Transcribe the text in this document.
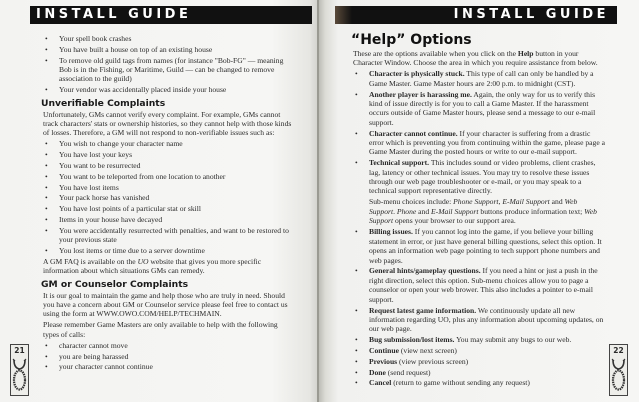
INSTALL GUIDE
• Your spell book crashes
• You have built a house on top of an existing house
• To remove old guild tags from names (for instance "Bob-FG" — meaning Bob is in the Fishing, or Maritime, Guild — can be changed to remove association to the guild)
• Your vendor was accidentally placed inside your house
Unverifiable Complaints

Unfortunately, GMs cannot verify every complaint. For example, GMs cannot track characters' stats or ownership histories, so they cannot help with those kinds of losses. Therefore, a GM will not respond to non-verifiable issues such as:

• You wish to change your character name
• You have lost your keys
• You want to be resurrected
• You want to be teleported from one location to another
• You have lost items
• Your pack horse has vanished
• You have lost points of a particular stat or skill
• Items in your house have decayed
• You were accidentally resurrected with penalties, and want to be restored to your previous state
• You lost items or time due to a server downtime

A GM FAQ is available on the UO website that gives you more specific information about which situations GMs can remedy.

GM or Counselor Complaints

It is our goal to maintain the game and help those who are truly in need. Should you have a concern about GM or Counselor service please feel free to contact us using the form at WWW.OWO.COM/HELP/TECHMAIN.

Please remember Game Masters are only available to help with the following types of calls:

• character cannot move
• you are being harassed
• your character cannot continue
21
INSTALL GUIDE
“Help” Options

These are the options available when you click on the Help button in your Character Window. Choose the area in which you require assistance from below.

• Character is physically stuck. This type of call can only be handled by a Game Master. Game Master hours are 2:00 p.m. to midnight (CST).
• Another player is harassing me. Again, the only way for us to verify this kind of issue directly is for you to call a Game Master. If the harassment occurs outside of Game Master hours, please send a message to our e-mail support.
• Character cannot continue. If your character is suffering from a drastic error which is preventing you from continuing within the game, please page a Game Master during the posted hours or write to our e-mail support.
• Technical support. This includes sound or video problems, client crashes, lag, latency or other technical issues. You may try to resolve these issues through our web page troubleshooter or e-mail, or you may speak to a technical support representative directly.

Sub-menu choices include: Phone Support, E-Mail Support and Web Support. Phone and E-Mail Support buttons produce information text; Web Support opens your browser to our support area.

• Billing issues. If you cannot log into the game, if you believe your billing statement in error, or just have general billing questions, select this option. It opens an information web page pointing to tech support phone numbers and web pages.
• General hints/gameplay questions. If you need a hint or just a push in the right direction, select this option. Sub-menu choices allow you to page a counselor or open your web brower. This also includes a pointer to e-mail support.
• Request latest game information. We continuously update all new information regarding UO, plus any information about upcoming updates, on our web page.
• Bug submission/lost items. You may submit any bugs to our web.
• Continue (view next screen)
• Previous (view previous screen)
• Done (send request)
• Cancel (return to game without sending any request)
22
